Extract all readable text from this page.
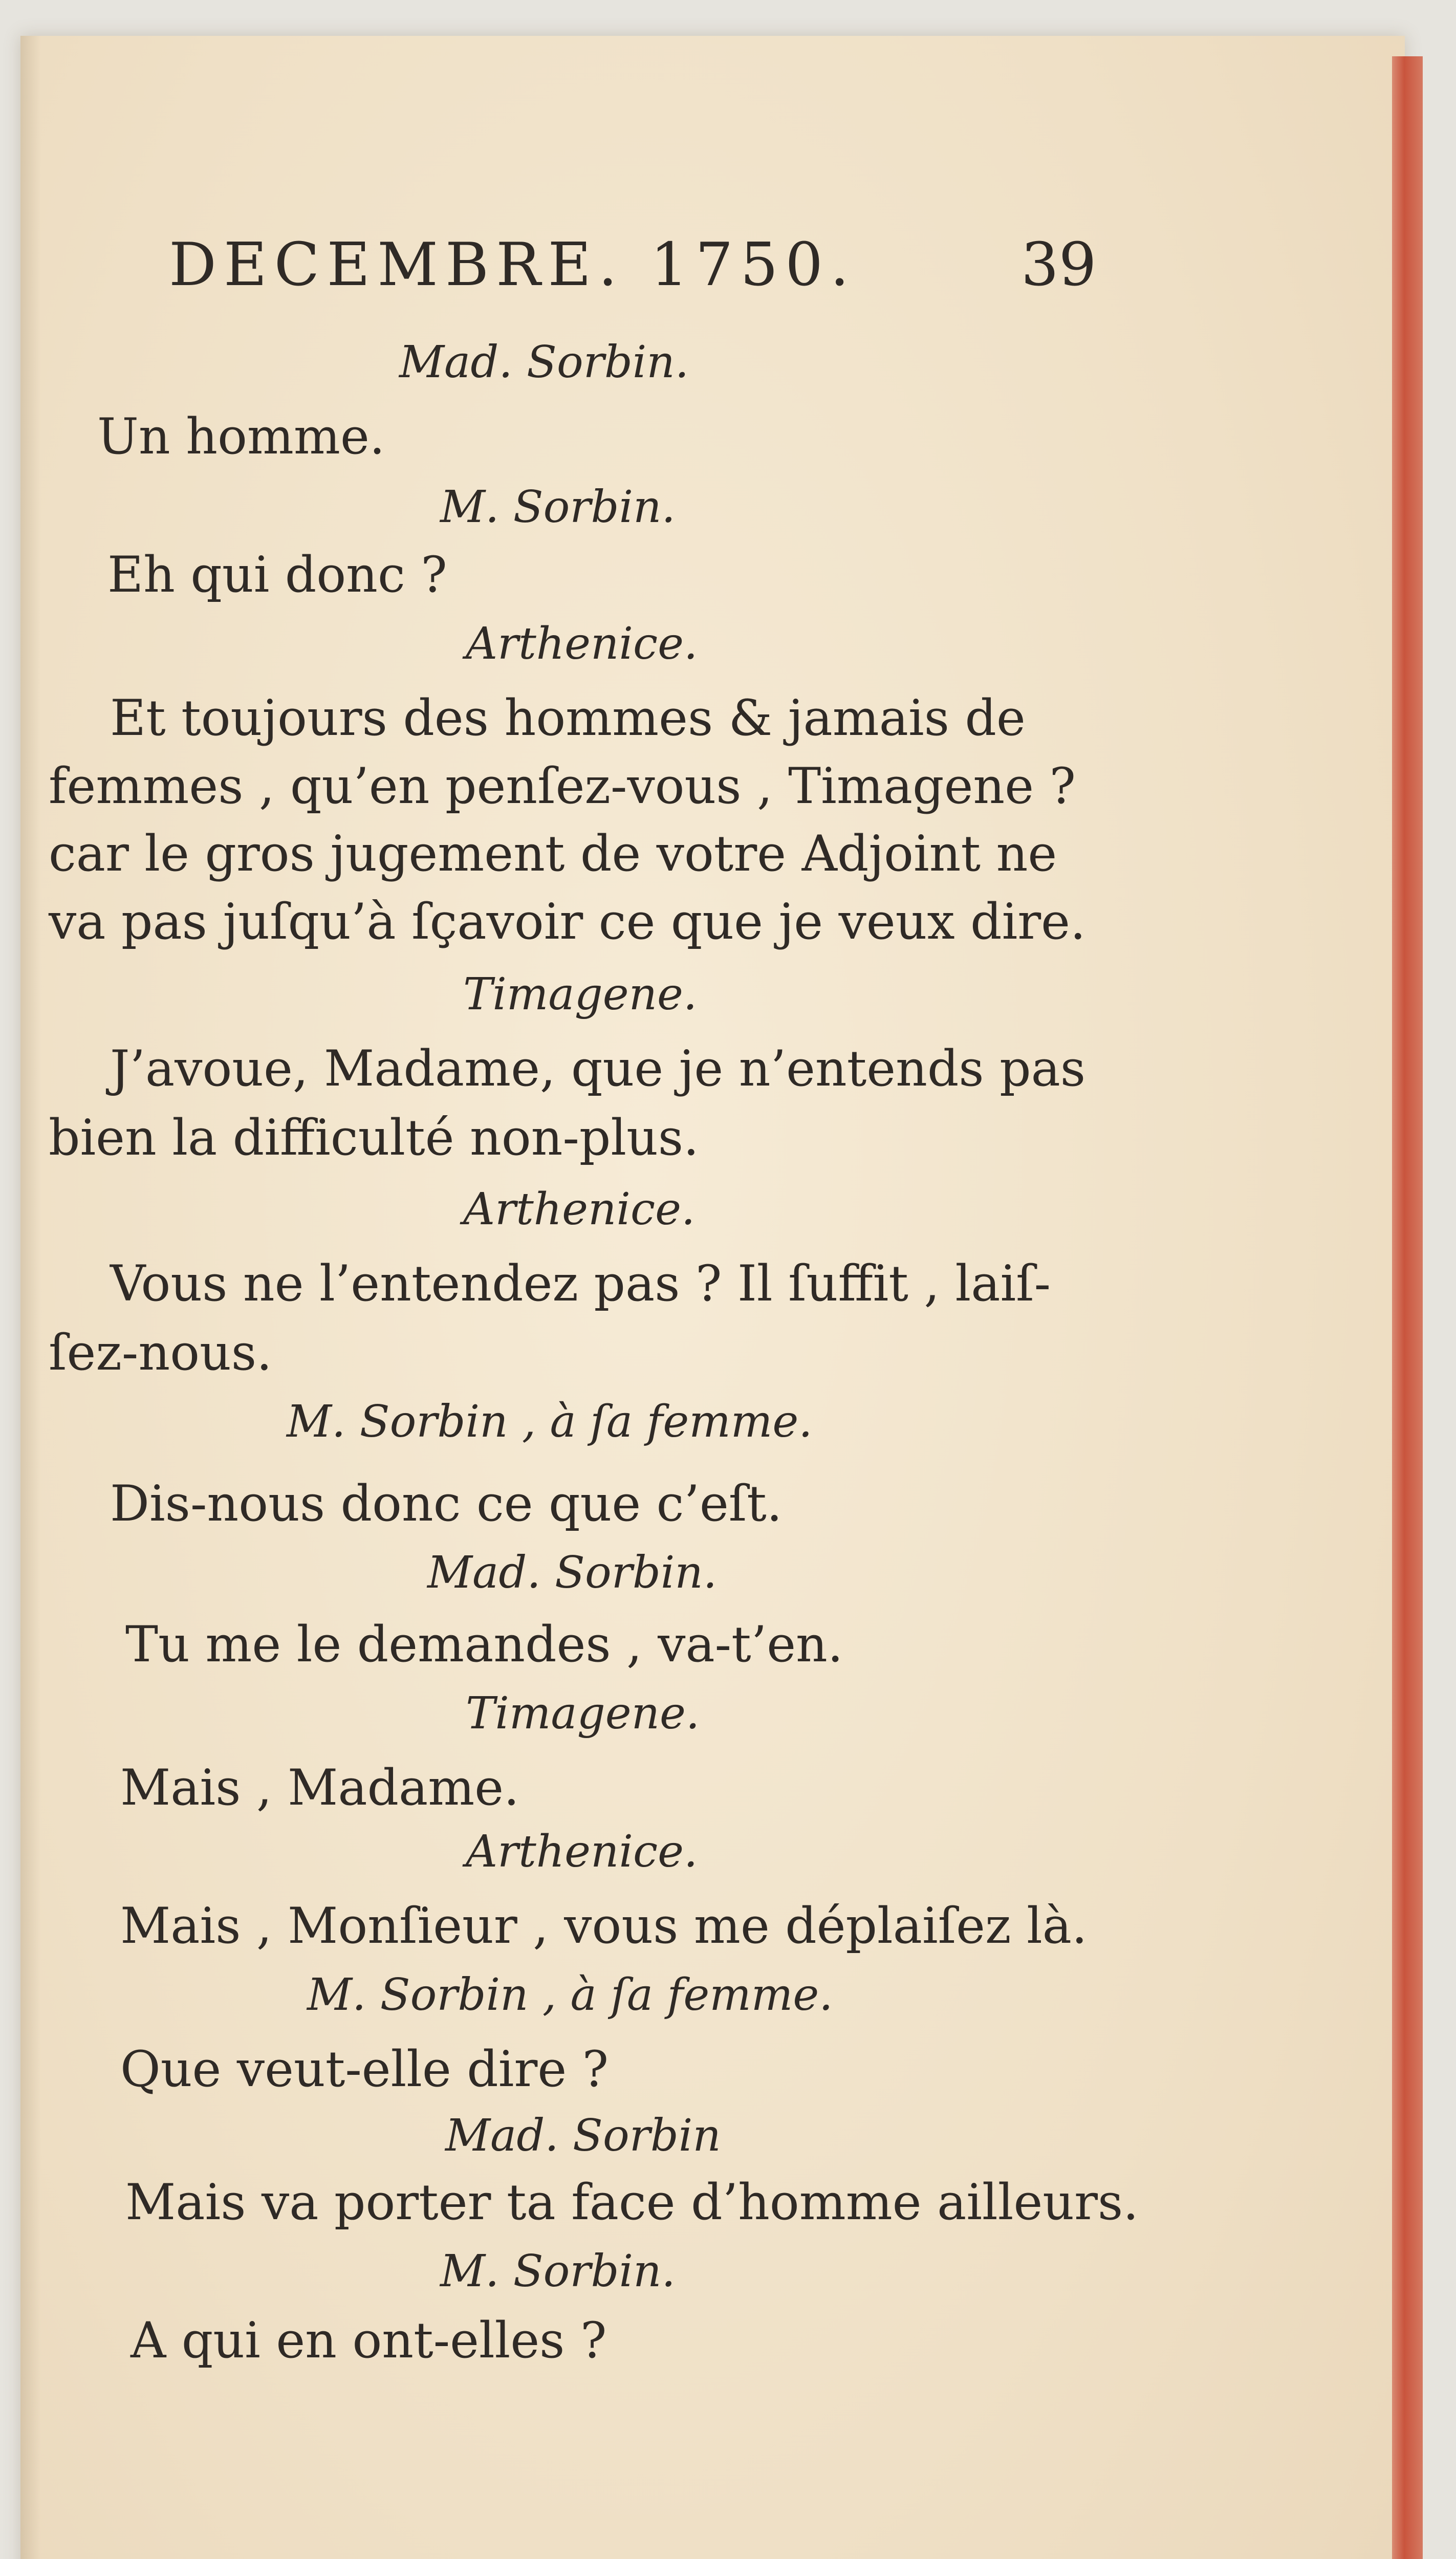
DECEMBRE. 1750.	39
Mad. Sorbin.
Un homme.
M. Sorbin.
Eh qui donc ?
Arthenice.
Et toujours des hommes & jamais de
femmes , qu’en penſez-vous , Timagene ?
car le gros jugement de votre Adjoint ne
va pas juſqu’à ſçavoir ce que je veux dire.
Timagene.
J’avoue, Madame, que je n’entends pas
bien la difficulté non-plus.
Arthenice.
Vous ne l’entendez pas ? Il ſuffit , laiſ-
ſez-nous.
M. Sorbin , à ſa femme.
Dis-nous donc ce que c’eſt.
Mad. Sorbin.
Tu me le demandes , va-t’en.
Timagene.
Mais , Madame.
Arthenice.
Mais , Monſieur , vous me déplaiſez là.
M. Sorbin , à ſa femme.
Que veut-elle dire ?
Mad. Sorbin
Mais va porter ta face d’homme ailleurs.
M. Sorbin.
A qui en ont-elles ?
